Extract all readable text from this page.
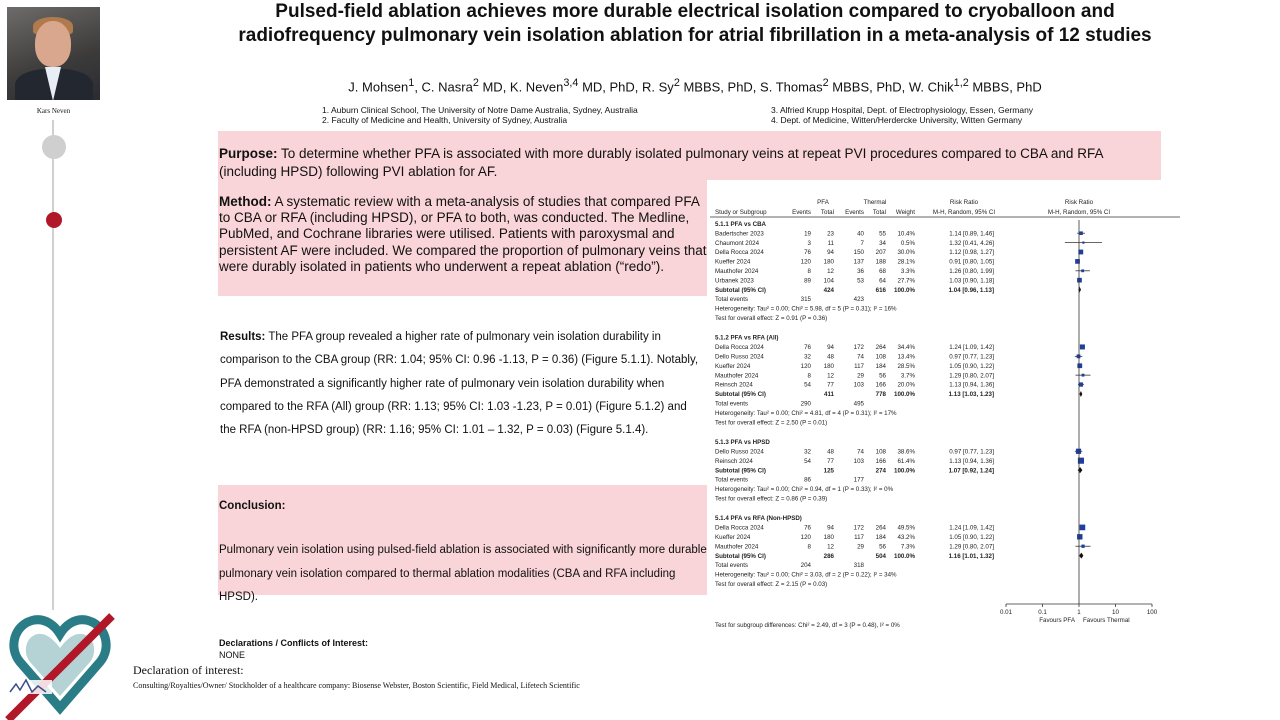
Kars Neven
Pulsed-field ablation achieves more durable electrical isolation compared to cryoballoon and radiofrequency pulmonary vein isolation ablation for atrial fibrillation in a meta-analysis of 12 studies
J. Mohsen$^1$, C. Nasra$^2$ MD, K. Neven$^{3,4}$ MD, PhD, R. Sy$^2$ MBBS, PhD, S. Thomas$^2$ MBBS, PhD, W. Chik$^{1,2}$ MBBS, PhD
1. Auburn Clinical School, The University of Notre Dame Australia, Sydney, Australia
2. Faculty of Medicine and Health, University of Sydney, Australia
3. Alfried Krupp Hospital, Dept. of Electrophysiology, Essen, Germany
4. Dept. of Medicine, Witten/Herdercke University, Witten Germany
Purpose: To determine whether PFA is associated with more durably isolated pulmonary veins at repeat PVI procedures compared to CBA and RFA (including HPSD) following PVI ablation for AF.
Method: A systematic review with a meta-analysis of studies that compared PFA to CBA or RFA (including HPSD), or PFA to both, was conducted. The Medline, PubMed, and Cochrane libraries were utilised. Patients with paroxysmal and persistent AF were included. We compared the proportion of pulmonary veins that were durably isolated in patients who underwent a repeat ablation (“redo”).
Results: The PFA group revealed a higher rate of pulmonary vein isolation durability in comparison to the CBA group (RR: 1.04; 95% CI: 0.96 -1.13, P = 0.36) (Figure 5.1.1). Notably, PFA demonstrated a significantly higher rate of pulmonary vein isolation durability when compared to the RFA (All) group (RR: 1.13; 95% CI: 1.03 -1.23, P = 0.01) (Figure 5.1.2) and the RFA (non-HPSD group) (RR: 1.16; 95% CI: 1.01 – 1.32, P = 0.03) (Figure 5.1.4).
Conclusion:
Pulmonary vein isolation using pulsed-field ablation is associated with significantly more durable pulmonary vein isolation compared to thermal ablation modalities (CBA and RFA including HPSD).
Declarations / Conflicts of Interest:
NONE
Declaration of interest:
Consulting/Royalties/Owner/ Stockholder of a healthcare company: Biosense Webster, Boston Scientific, Field Medical, Lifetech Scientific
PFA	Thermal	Risk Ratio	Risk Ratio
Study or Subgroup	Events Total Events Total Weight	M-H, Random, 95% CI	M-H, Random, 95% CI
5.1.1 PFA vs CBA
Badertscher 2023	19	23	40 55 10.4%	1.14 [0.89, 1.46]
Chaumont 2024	3	11	7 34 0.5%	1.32 [0.41, 4.26]
Della Rocca 2024	76	94	150 207 30.0%	1.12 [0.98, 1.27]
Kueffer 2024	120 180	137 188 28.1%	0.91 [0.80, 1.05]
Mauthofer 2024	8	12	36 68 3.3%	1.26 [0.80, 1.99]
Urbanek 2023	89 104	53 64 27.7%	1.03 [0.90, 1.18]
Subtotal (95% CI)	424	616 100.0%	1.04 [0.96, 1.13]
Total events	315	423
Heterogeneity: Tau² = 0.00; Chi² = 5.98, df = 5 (P = 0.31); I² = 16%
Test for overall effect: Z = 0.91 (P = 0.36)
5.1.2 PFA vs RFA (All)
Della Rocca 2024	76	94	172 264 34.4%	1.24 [1.09, 1.42]
Dello Russo 2024	32	48	74 108 13.4%	0.97 [0.77, 1.23]
Kueffer 2024	120 180	117 184 28.5%	1.05 [0.90, 1.22]
Mauthofer 2024	8	12	29 56 3.7%	1.29 [0.80, 2.07]
Reinsch 2024	54	77	103 166 20.0%	1.13 [0.94, 1.36]
Subtotal (95% CI)	411	778 100.0%	1.13 [1.03, 1.23]
Total events	290	495
Heterogeneity: Tau² = 0.00; Chi² = 4.81, df = 4 (P = 0.31); I² = 17%
Test for overall effect: Z = 2.50 (P = 0.01)
5.1.3 PFA vs HPSD
Dello Russo 2024	32	48	74 108 38.6%	0.97 [0.77, 1.23]
Reinsch 2024	54	77	103 166 61.4%	1.13 [0.94, 1.36]
Subtotal (95% CI)	125	274 100.0%	1.07 [0.92, 1.24]
Total events	86	177
Heterogeneity: Tau² = 0.00; Chi² = 0.94, df = 1 (P = 0.33); I² = 0%
Test for overall effect: Z = 0.86 (P = 0.39)
5.1.4 PFA vs RFA (Non-HPSD)
Della Rocca 2024	76	94	172 264 49.5%	1.24 [1.09, 1.42]
Kueffer 2024	120 180	117 184 43.2%	1.05 [0.90, 1.22]
Mauthofer 2024	8	12	29 56 7.3%	1.29 [0.80, 2.07]
Subtotal (95% CI)	286	504 100.0%	1.16 [1.01, 1.32]
Total events	204	318
Heterogeneity: Tau² = 0.00; Chi² = 3.03, df = 2 (P = 0.22); I² = 34%
Test for overall effect: Z = 2.15 (P = 0.03)
0.01	0.1	1	10	100
Favours PFA Favours Thermal
Test for subgroup differences: Chi² = 2.49, df = 3 (P = 0.48), I² = 0%
